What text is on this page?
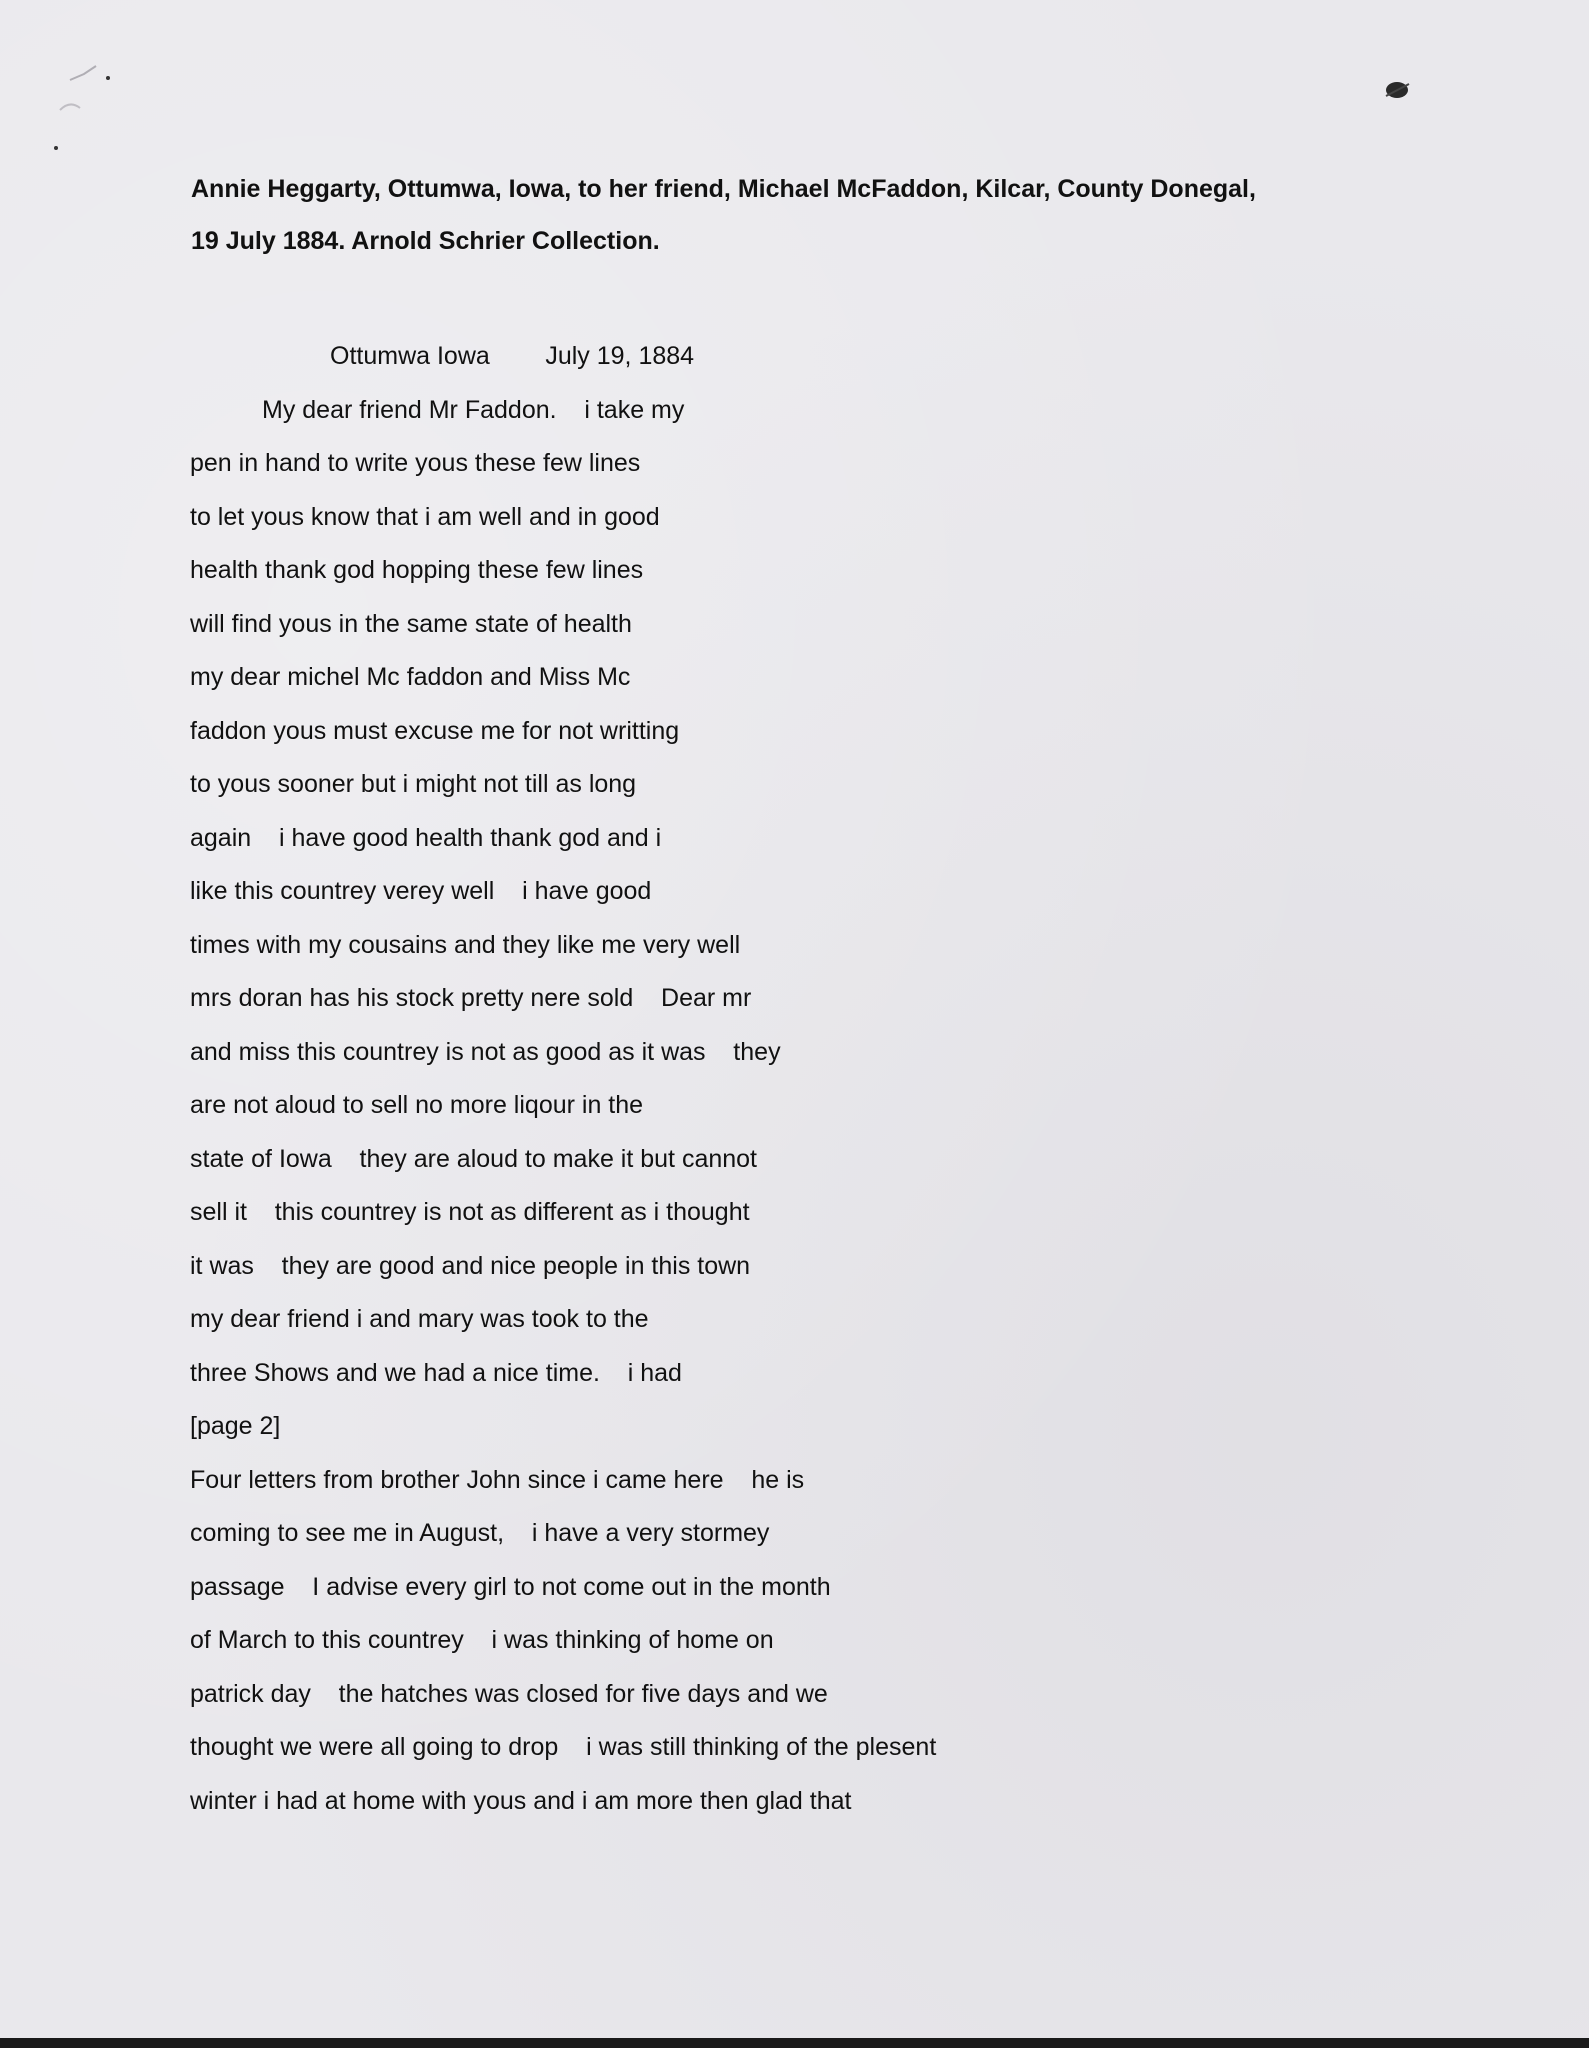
Annie Heggarty, Ottumwa, Iowa, to her friend, Michael McFaddon, Kilcar, County Donegal,
19 July 1884. Arnold Schrier Collection.
Ottumwa Iowa        July 19, 1884
My dear friend Mr Faddon.    i take my
pen in hand to write yous these few lines
to let yous know that i am well and in good
health thank god hopping these few lines
will find yous in the same state of health
my dear michel Mc faddon and Miss Mc
faddon yous must excuse me for not writting
to yous sooner but i might not till as long
again    i have good health thank god and i
like this countrey verey well    i have good
times with my cousains and they like me very well
mrs doran has his stock pretty nere sold    Dear mr
and miss this countrey is not as good as it was    they
are not aloud to sell no more liqour in the
state of Iowa    they are aloud to make it but cannot
sell it    this countrey is not as different as i thought
it was    they are good and nice people in this town
my dear friend i and mary was took to the
three Shows and we had a nice time.    i had
[page 2]
Four letters from brother John since i came here    he is
coming to see me in August,    i have a very stormey
passage    I advise every girl to not come out in the month
of March to this countrey    i was thinking of home on
patrick day    the hatches was closed for five days and we
thought we were all going to drop    i was still thinking of the plesent
winter i had at home with yous and i am more then glad that
